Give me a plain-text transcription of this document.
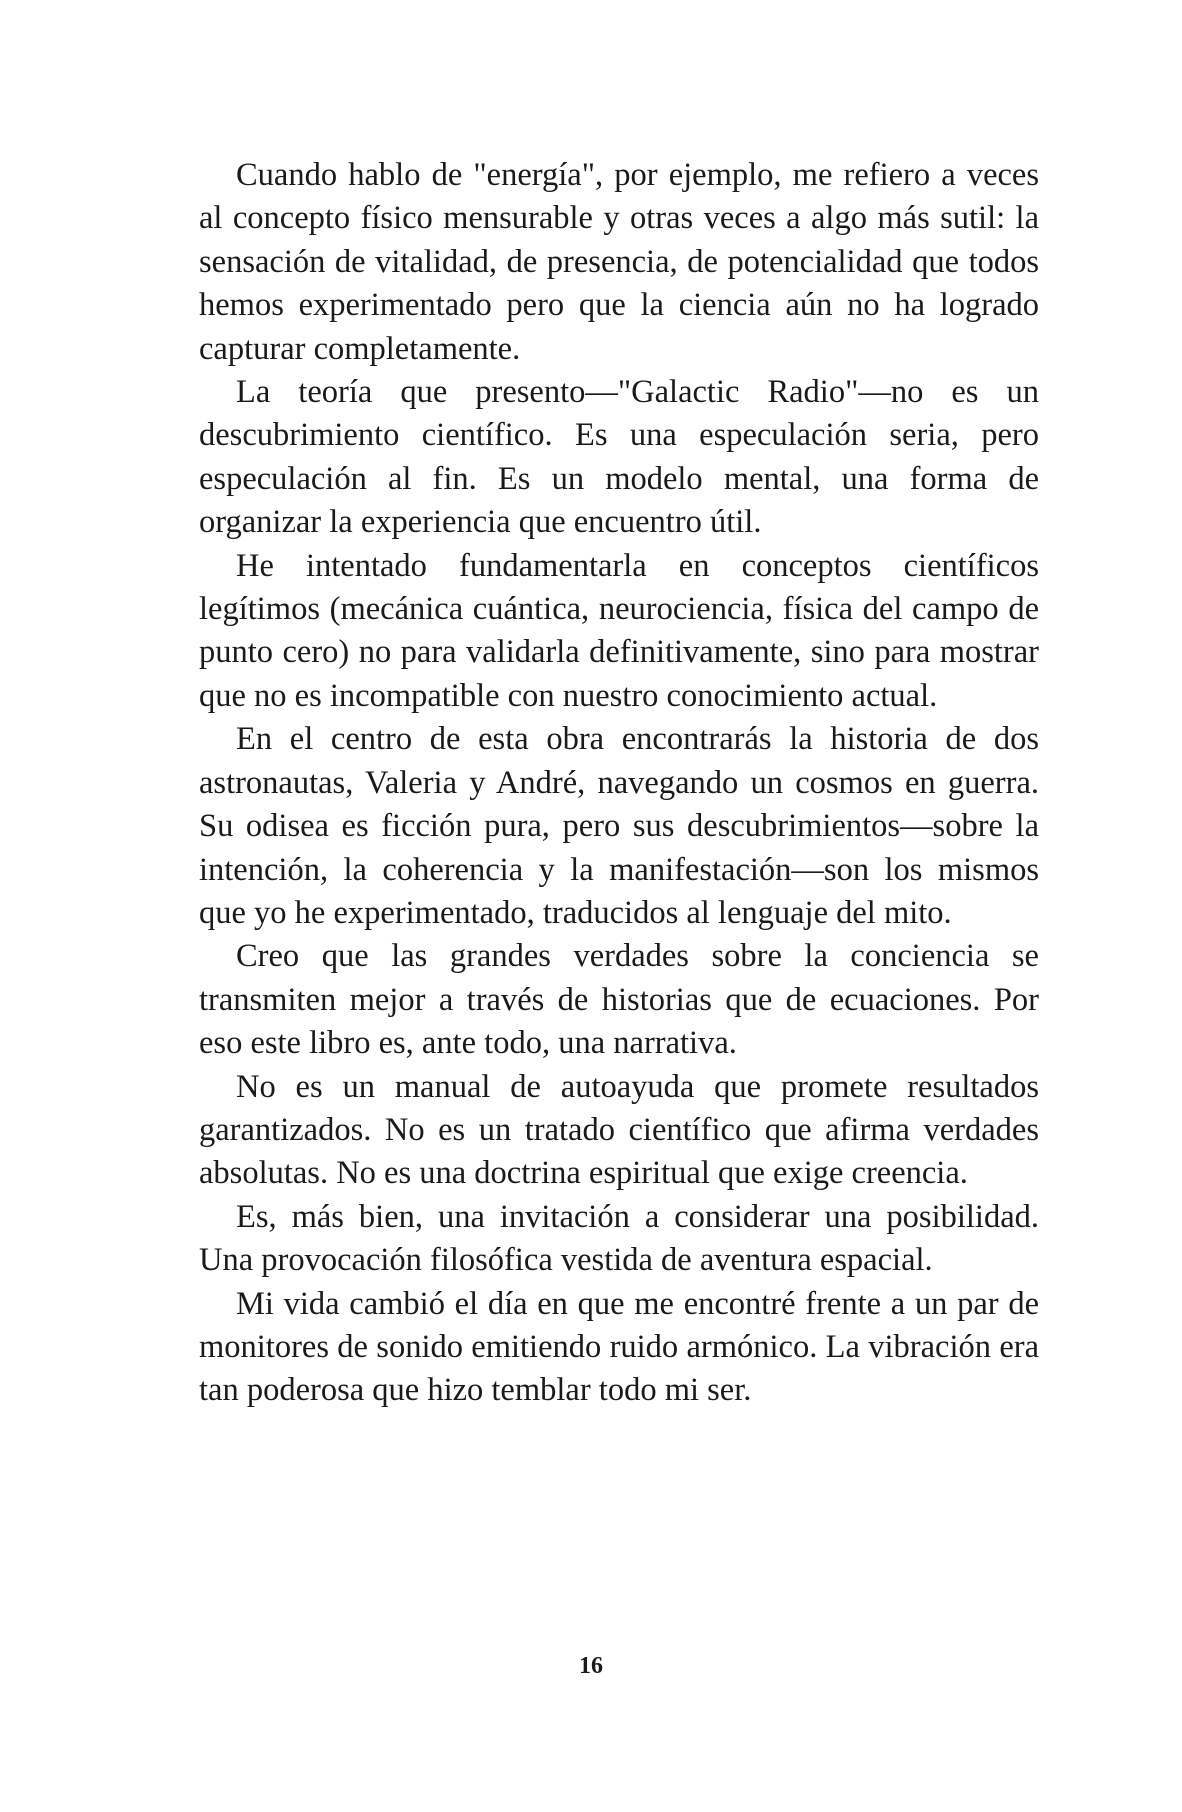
Cuando hablo de "energía", por ejemplo, me refiero a veces al concepto físico mensurable y otras veces a algo más sutil: la sensación de vitalidad, de presencia, de potencialidad que todos hemos experimentado pero que la ciencia aún no ha logrado capturar completamente.

La teoría que presento—"Galactic Radio"—no es un descubrimiento científico. Es una especulación seria, pero especulación al fin. Es un modelo mental, una forma de organizar la experiencia que encuentro útil.

He intentado fundamentarla en conceptos científicos legítimos (mecánica cuántica, neurociencia, física del campo de punto cero) no para validarla definitivamente, sino para mostrar que no es incompatible con nuestro conocimiento actual.

En el centro de esta obra encontrarás la historia de dos astronautas, Valeria y André, navegando un cosmos en guerra. Su odisea es ficción pura, pero sus descubrimientos—sobre la intención, la coherencia y la manifestación—son los mismos que yo he experimentado, traducidos al lenguaje del mito.

Creo que las grandes verdades sobre la conciencia se transmiten mejor a través de historias que de ecuaciones. Por eso este libro es, ante todo, una narrativa.

No es un manual de autoayuda que promete resultados garantizados. No es un tratado científico que afirma verdades absolutas. No es una doctrina espiritual que exige creencia.

Es, más bien, una invitación a considerar una posibilidad. Una provocación filosófica vestida de aventura espacial.

Mi vida cambió el día en que me encontré frente a un par de monitores de sonido emitiendo ruido armónico. La vibración era tan poderosa que hizo temblar todo mi ser.

16
